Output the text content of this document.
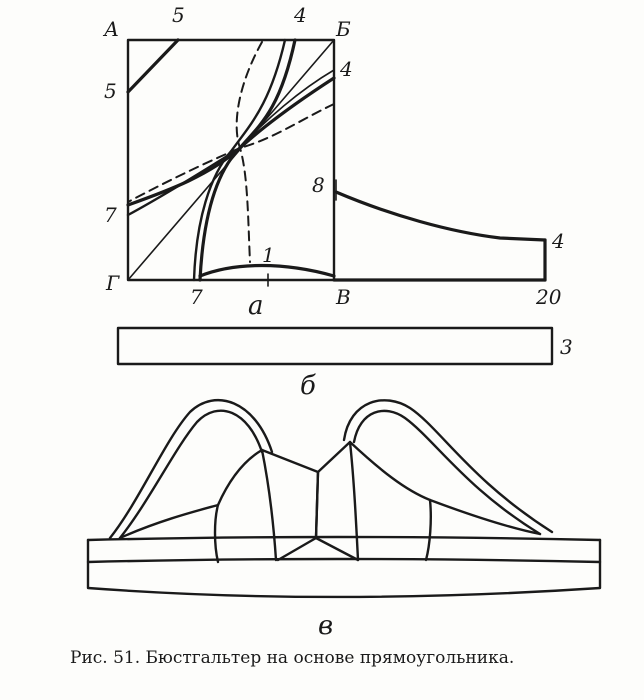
А
5	4
Б
5
4
8
7
Г
7
1
а	В
4
20
3
б
в
Рис. 51. Бюстгальтер на основе прямоугольника.
